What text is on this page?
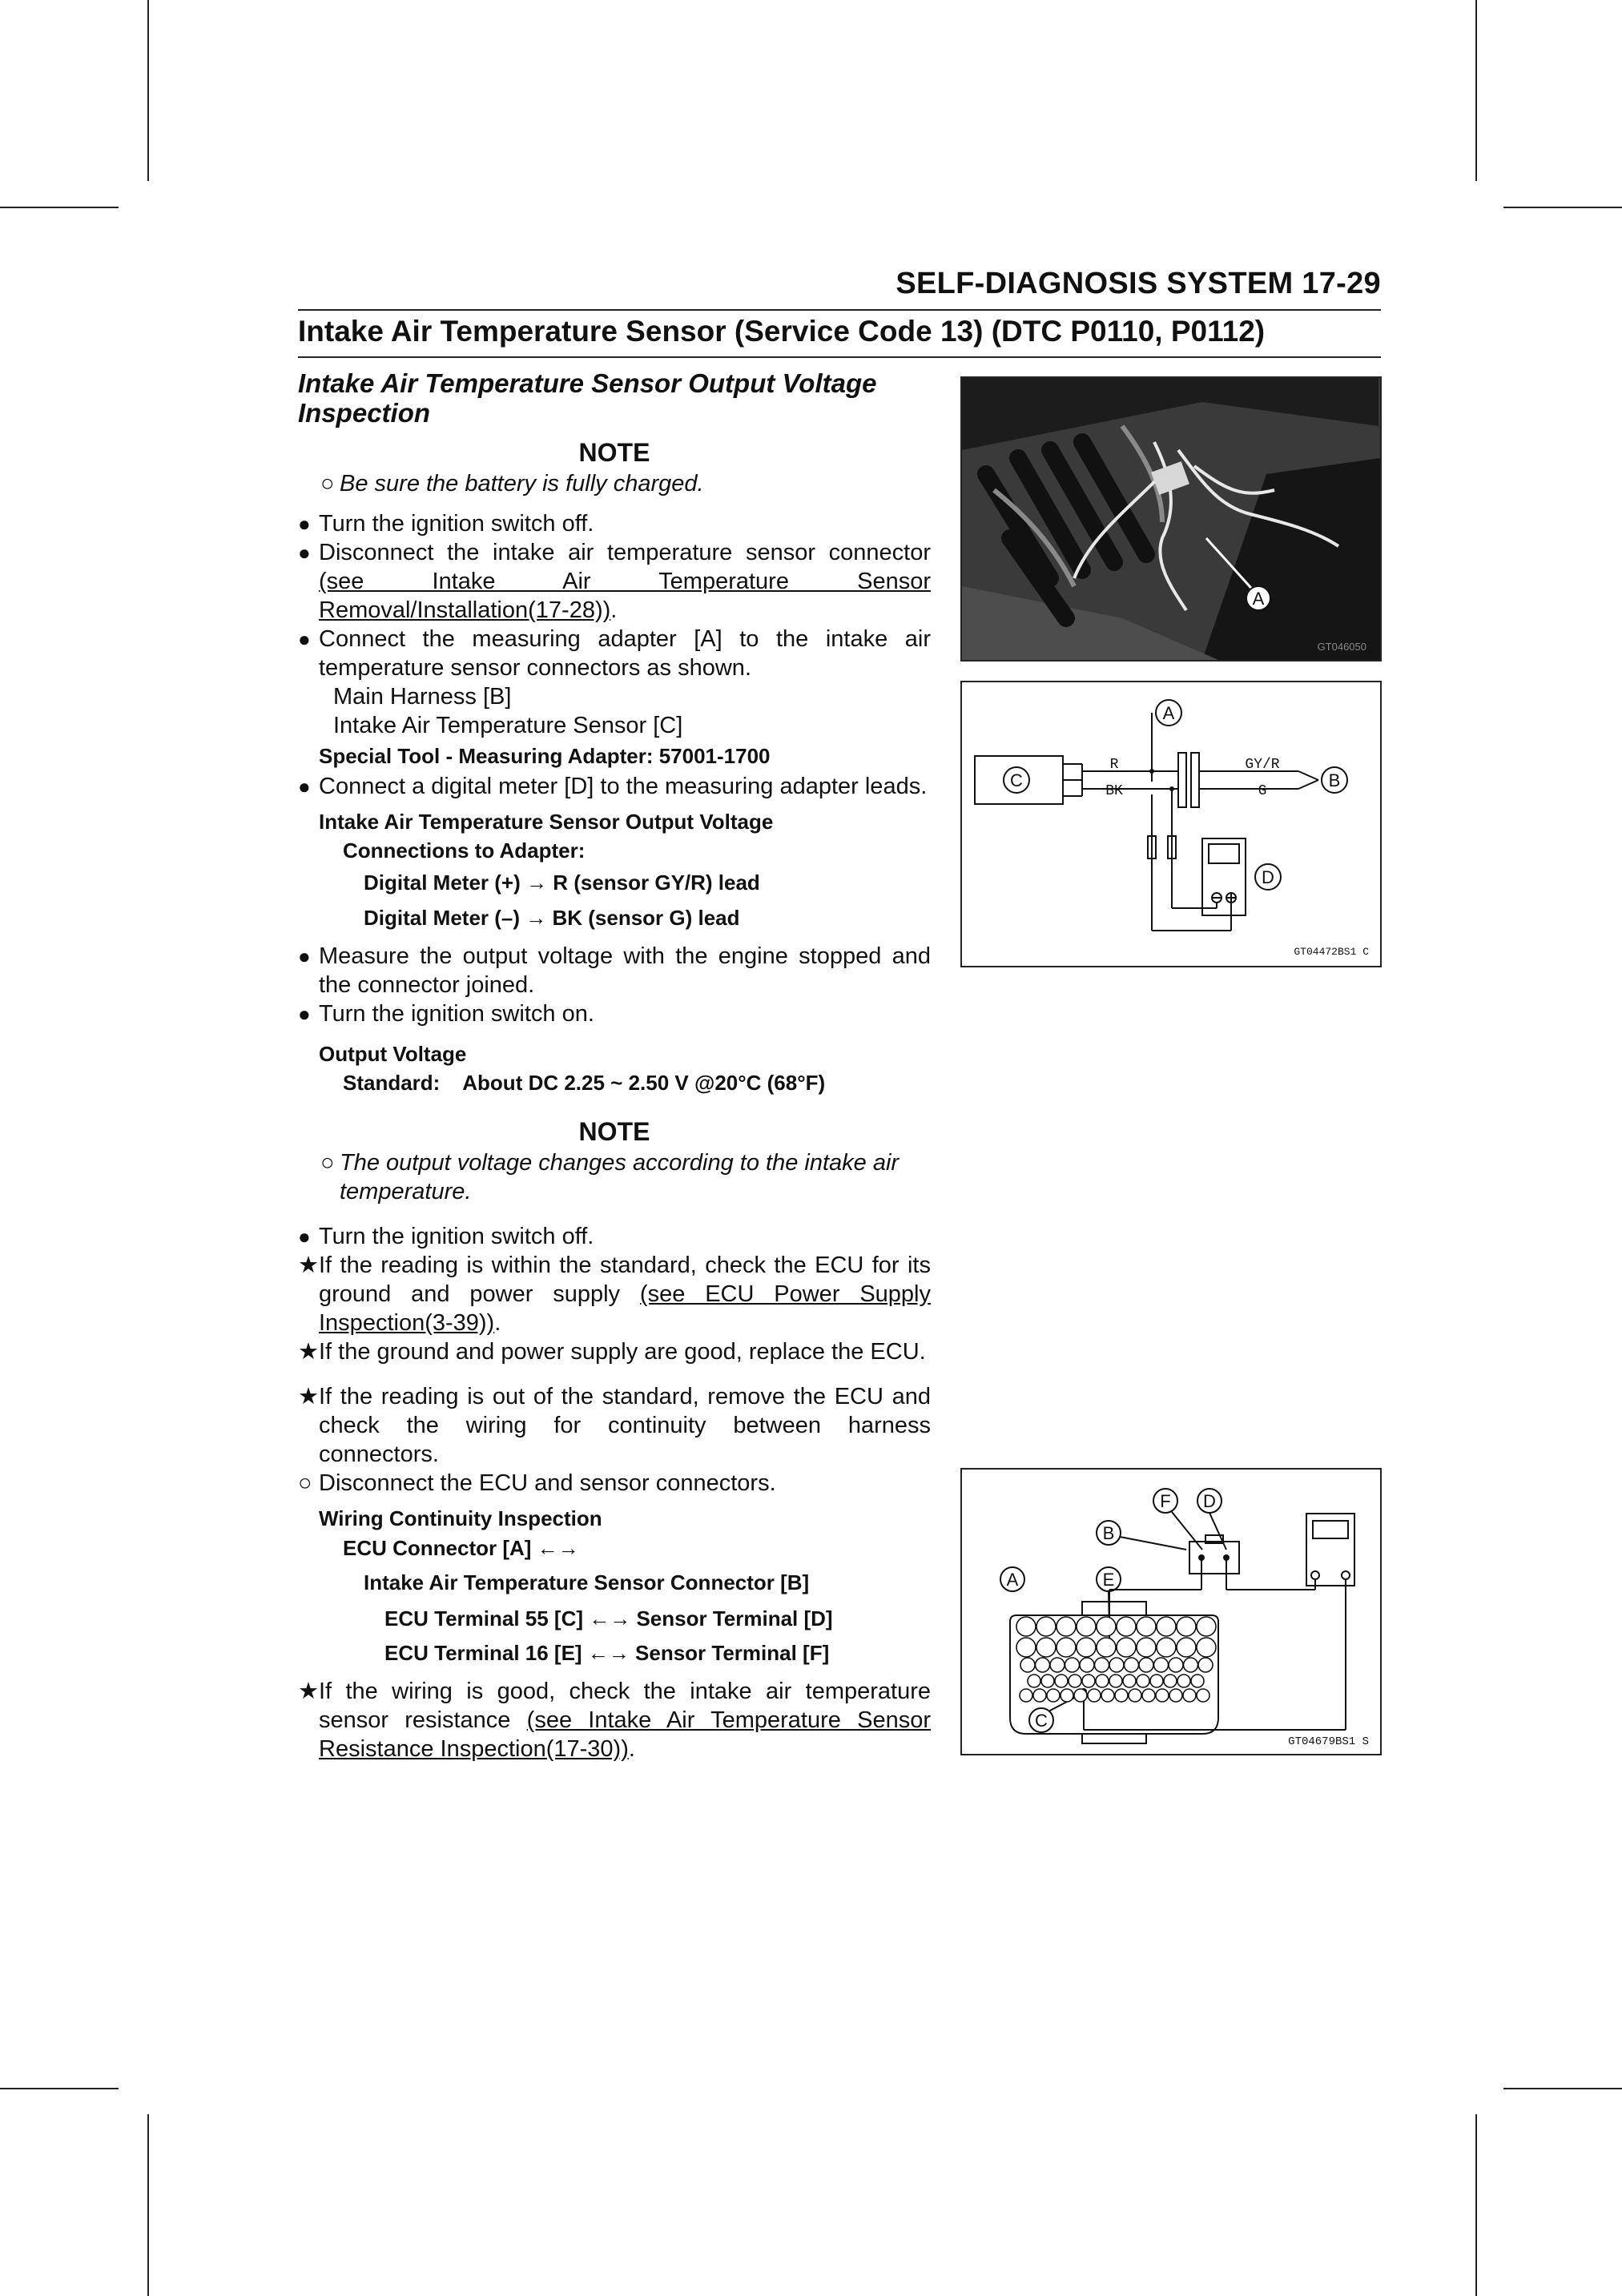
SELF-DIAGNOSIS SYSTEM 17-29
Intake Air Temperature Sensor (Service Code 13) (DTC P0110, P0112)
Intake Air Temperature Sensor Output Voltage Inspection
NOTE
○ Be sure the battery is fully charged.
● Turn the ignition switch off.
● Disconnect the intake air temperature sensor connector (see Intake Air Temperature Sensor Removal/Installation(17-28)).
● Connect the measuring adapter [A] to the intake air temperature sensor connectors as shown.
Main Harness [B]
Intake Air Temperature Sensor [C]
Special Tool - Measuring Adapter: 57001-1700
● Connect a digital meter [D] to the measuring adapter leads.
Intake Air Temperature Sensor Output Voltage
Connections to Adapter:
Digital Meter (+) → R (sensor GY/R) lead
Digital Meter (–) → BK (sensor G) lead
● Measure the output voltage with the engine stopped and the connector joined.
● Turn the ignition switch on.
Output Voltage
Standard:    About DC 2.25 ~ 2.50 V @20°C (68°F)
NOTE
○ The output voltage changes according to the intake air temperature.
● Turn the ignition switch off.
★ If the reading is within the standard, check the ECU for its ground and power supply (see ECU Power Supply Inspection(3-39)).
★ If the ground and power supply are good, replace the ECU.
★ If the reading is out of the standard, remove the ECU and check the wiring for continuity between harness connectors.
○ Disconnect the ECU and sensor connectors.
Wiring Continuity Inspection
ECU Connector [A] ←→
Intake Air Temperature Sensor Connector [B]
ECU Terminal 55 [C] ←→ Sensor Terminal [D]
ECU Terminal 16 [E] ←→ Sensor Terminal [F]
★ If the wiring is good, check the intake air temperature sensor resistance (see Intake Air Temperature Sensor Resistance Inspection(17-30)).
A
GT046050
R
BK
GY/R
G
A
B
C
D
GT04472BS1 C
A
B
C
D
E
F
GT04679BS1 S
